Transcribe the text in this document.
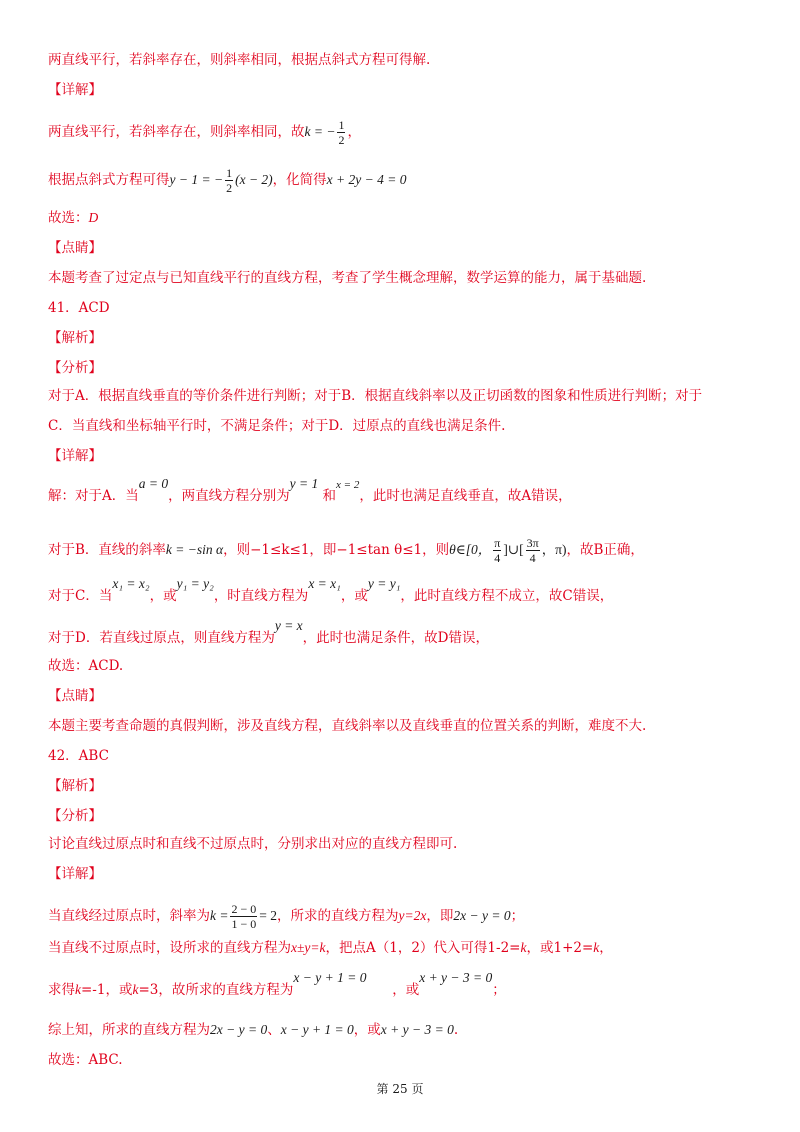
两直线平行，若斜率存在，则斜率相同，根据点斜式方程可得解.
【详解】
两直线平行，若斜率存在，则斜率相同，故k = − $\frac{1}{2}$ ，
根据点斜式方程可得y − 1 = − $\frac{1}{2} (x - 2)$，化简得x + 2y − 4 = 0
故选：D
【点睛】
本题考查了过定点与已知直线平行的直线方程，考查了学生概念理解，数学运算的能力，属于基础题.
41．ACD
【解析】
【分析】
对于A．根据直线垂直的等价条件进行判断；对于B．根据直线斜率以及正切函数的图象和性质进行判断；对于
C．当直线和坐标轴平行时，不满足条件；对于D．过原点的直线也满足条件.
【详解】
解：对于A．当a = 0，两直线方程分别为y = 1 和$^{x = 2}$，此时也满足直线垂直，故A错误，
对于B．直线的斜率k = −sin α，则−1≤k≤1，即−1≤tan θ≤1，则θ∈[0， $\frac{\pi}{4}$ ]∪[ $\frac{3\pi}{4}$ ，π)，故B正确，
对于C．当x₁ = x₂，或y₁ = y₂，时直线方程为x = x₁，或y = y₁，此时直线方程不成立，故C错误，
对于D．若直线过原点，则直线方程为y = x，此时也满足条件，故D错误，
故选：ACD.
【点睛】
本题主要考查命题的真假判断，涉及直线方程，直线斜率以及直线垂直的位置关系的判断，难度不大.
42．ABC
【解析】
【分析】
讨论直线过原点时和直线不过原点时，分别求出对应的直线方程即可.
【详解】
当直线经过原点时，斜率为$k = \frac{2 - 0}{1 - 0} = 2$，所求的直线方程为y=2x，即2x − y = 0；
当直线不过原点时，设所求的直线方程为x±y=k，把点A（1，2）代入可得1-2=k，或1+2=k，
求得k=-1，或k=3，故所求的直线方程为x − y + 1 = 0      ，或x + y − 3 = 0；
综上知，所求的直线方程为2x − y = 0、x − y + 1 = 0，或x + y − 3 = 0.
故选：ABC.
第 25 页
